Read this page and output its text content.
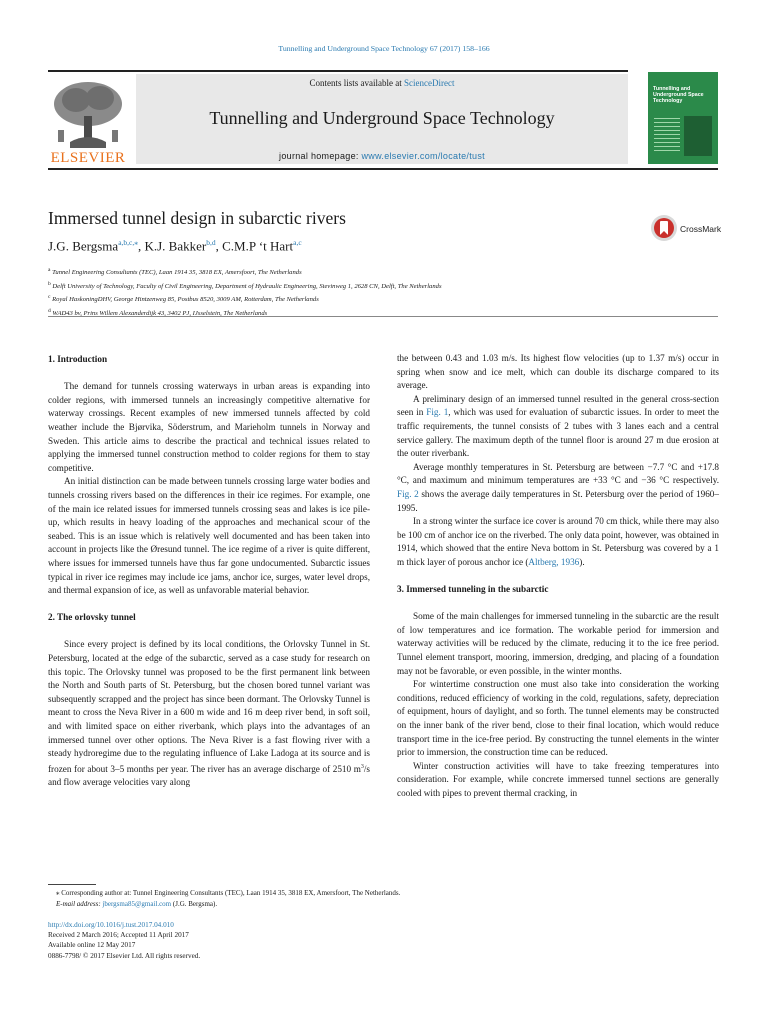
Tunnelling and Underground Space Technology 67 (2017) 158–166
ELSEVIER
Contents lists available at ScienceDirect
Tunnelling and Underground Space Technology
journal homepage: www.elsevier.com/locate/tust
Tunnelling and Underground Space Technology
Immersed tunnel design in subarctic rivers
J.G. Bergsma$^{a,b,c,⁎}$, K.J. Bakker$^{b,d}$, C.M.P ‘t Hart$^{a,c}$
CrossMark
$^a$ Tunnel Engineering Consultants (TEC), Laan 1914 35, 3818 EX, Amersfoort, The Netherlands
$^b$ Delft University of Technology, Faculty of Civil Engineering, Department of Hydraulic Engineering, Stevinweg 1, 2628 CN, Delft, The Netherlands
$^c$ Royal HaskoningDHV, George Hintzenweg 85, Postbus 8520, 3009 AM, Rotterdam, The Netherlands
$^d$ WAD43 bv, Prins Willem Alexanderdijk 43, 3402 PJ, IJsselstein, The Netherlands
1. Introduction

The demand for tunnels crossing waterways in urban areas is expanding into colder regions, with immersed tunnels an increasingly competitive alternative for waterway crossings. Recent examples of new immersed tunnels affected by cold weather include the Bjørvika, Söderstrum, and Marieholm tunnels in Norway and Sweden. This article aims to describe the practical and technical issues related to applying the immersed tunnel construction method to colder regions for them to stay competitive.

An initial distinction can be made between tunnels crossing large water bodies and tunnels crossing rivers based on the differences in their ice regimes. For example, one of the main ice related issues for immersed tunnels crossing seas and lakes is ice pile-up, which results in heavy loading of the approaches and mechanical scour of the seabed. This is an issue which is relatively well documented and has been taken into account in projects like the Øresund tunnel. The ice regime of a river is quite different, where issues for immersed tunnels have thus far gone undocumented. Subarctic issues typical in river ice regimes may include ice jams, anchor ice, surges, water level drops, and thermal expansion of ice, as well as unfavorable material behavior.

2. The orlovsky tunnel

Since every project is defined by its local conditions, the Orlovsky Tunnel in St. Petersburg, located at the edge of the subarctic, served as a case study for research on this topic. The Orlovsky tunnel was proposed to be the first permanent link between the North and South parts of St. Petersburg, but the chosen bored tunnel variant was subsequently scrapped and the project has since been dormant. The Orlovsky Tunnel is meant to cross the Neva River in a 600 m wide and 16 m deep river bend, in soft soil, and with limited space on either riverbank, which plays into the advantages of an immersed tunnel over other options. The Neva River is a fast flowing river with a steady hydroregime due to the regulating influence of Lake Ladoga at its source and is frozen for about 3–5 months per year. The river has an average discharge of 2510 $m^3/s$ and flow average velocities vary along

the between 0.43 and 1.03 m/s. Its highest flow velocities (up to 1.37 m/s) occur in spring when snow and ice melt, which can double its discharge compared to its average.

A preliminary design of an immersed tunnel resulted in the general cross-section seen in Fig. 1, which was used for evaluation of subarctic issues. In order to meet the traffic requirements, the tunnel consists of 2 tubes with 3 lanes each and a central service gallery. The maximum depth of the tunnel floor is around 27 m due erosion at the outer riverbank.

Average monthly temperatures in St. Petersburg are between −7.7 °C and +17.8 °C, and maximum and minimum temperatures are +33 °C and −36 °C respectively. Fig. 2 shows the average daily temperatures in St. Petersburg over the period of 1960–1995.

In a strong winter the surface ice cover is around 70 cm thick, while there may also be 100 cm of anchor ice on the riverbed. The only data point, however, was obtained in 1914, which showed that the entire Neva bottom in St. Petersburg was covered by a 1 m thick layer of porous anchor ice (Altberg, 1936).

3. Immersed tunneling in the subarctic

Some of the main challenges for immersed tunneling in the subarctic are the result of low temperatures and ice formation. The workable period for immersion and waterway activities will be reduced by the climate, reducing it to the ice free period. Tunnel element transport, mooring, immersion, dredging, and placing of a foundation may not be favorable, or even possible, in the winter months.

For wintertime construction one must also take into consideration the working conditions, reduced efficiency of working in the cold, regulations, safety, depreciation of equipment, hours of daylight, and so forth. The tunnel elements may be constructed on the inner bank of the river bend, close to their final location, which would reduce transport time in the ice-free period. By constructing the tunnel elements in the winter prior to immersion, the construction time can be reduced.

Winter construction activities will have to take freezing temperatures into consideration. For example, while concrete immersed tunnel sections are generally cooled with pipes to prevent thermal cracking, in

⁎ Corresponding author at: Tunnel Engineering Consultants (TEC), Laan 1914 35, 3818 EX, Amersfoort, The Netherlands.

E-mail address: jbergsma85@gmail.com (J.G. Bergsma).

http://dx.doi.org/10.1016/j.tust.2017.04.010

Received 2 March 2016; Accepted 11 April 2017

Available online 12 May 2017

0886-7798/ © 2017 Elsevier Ltd. All rights reserved.
